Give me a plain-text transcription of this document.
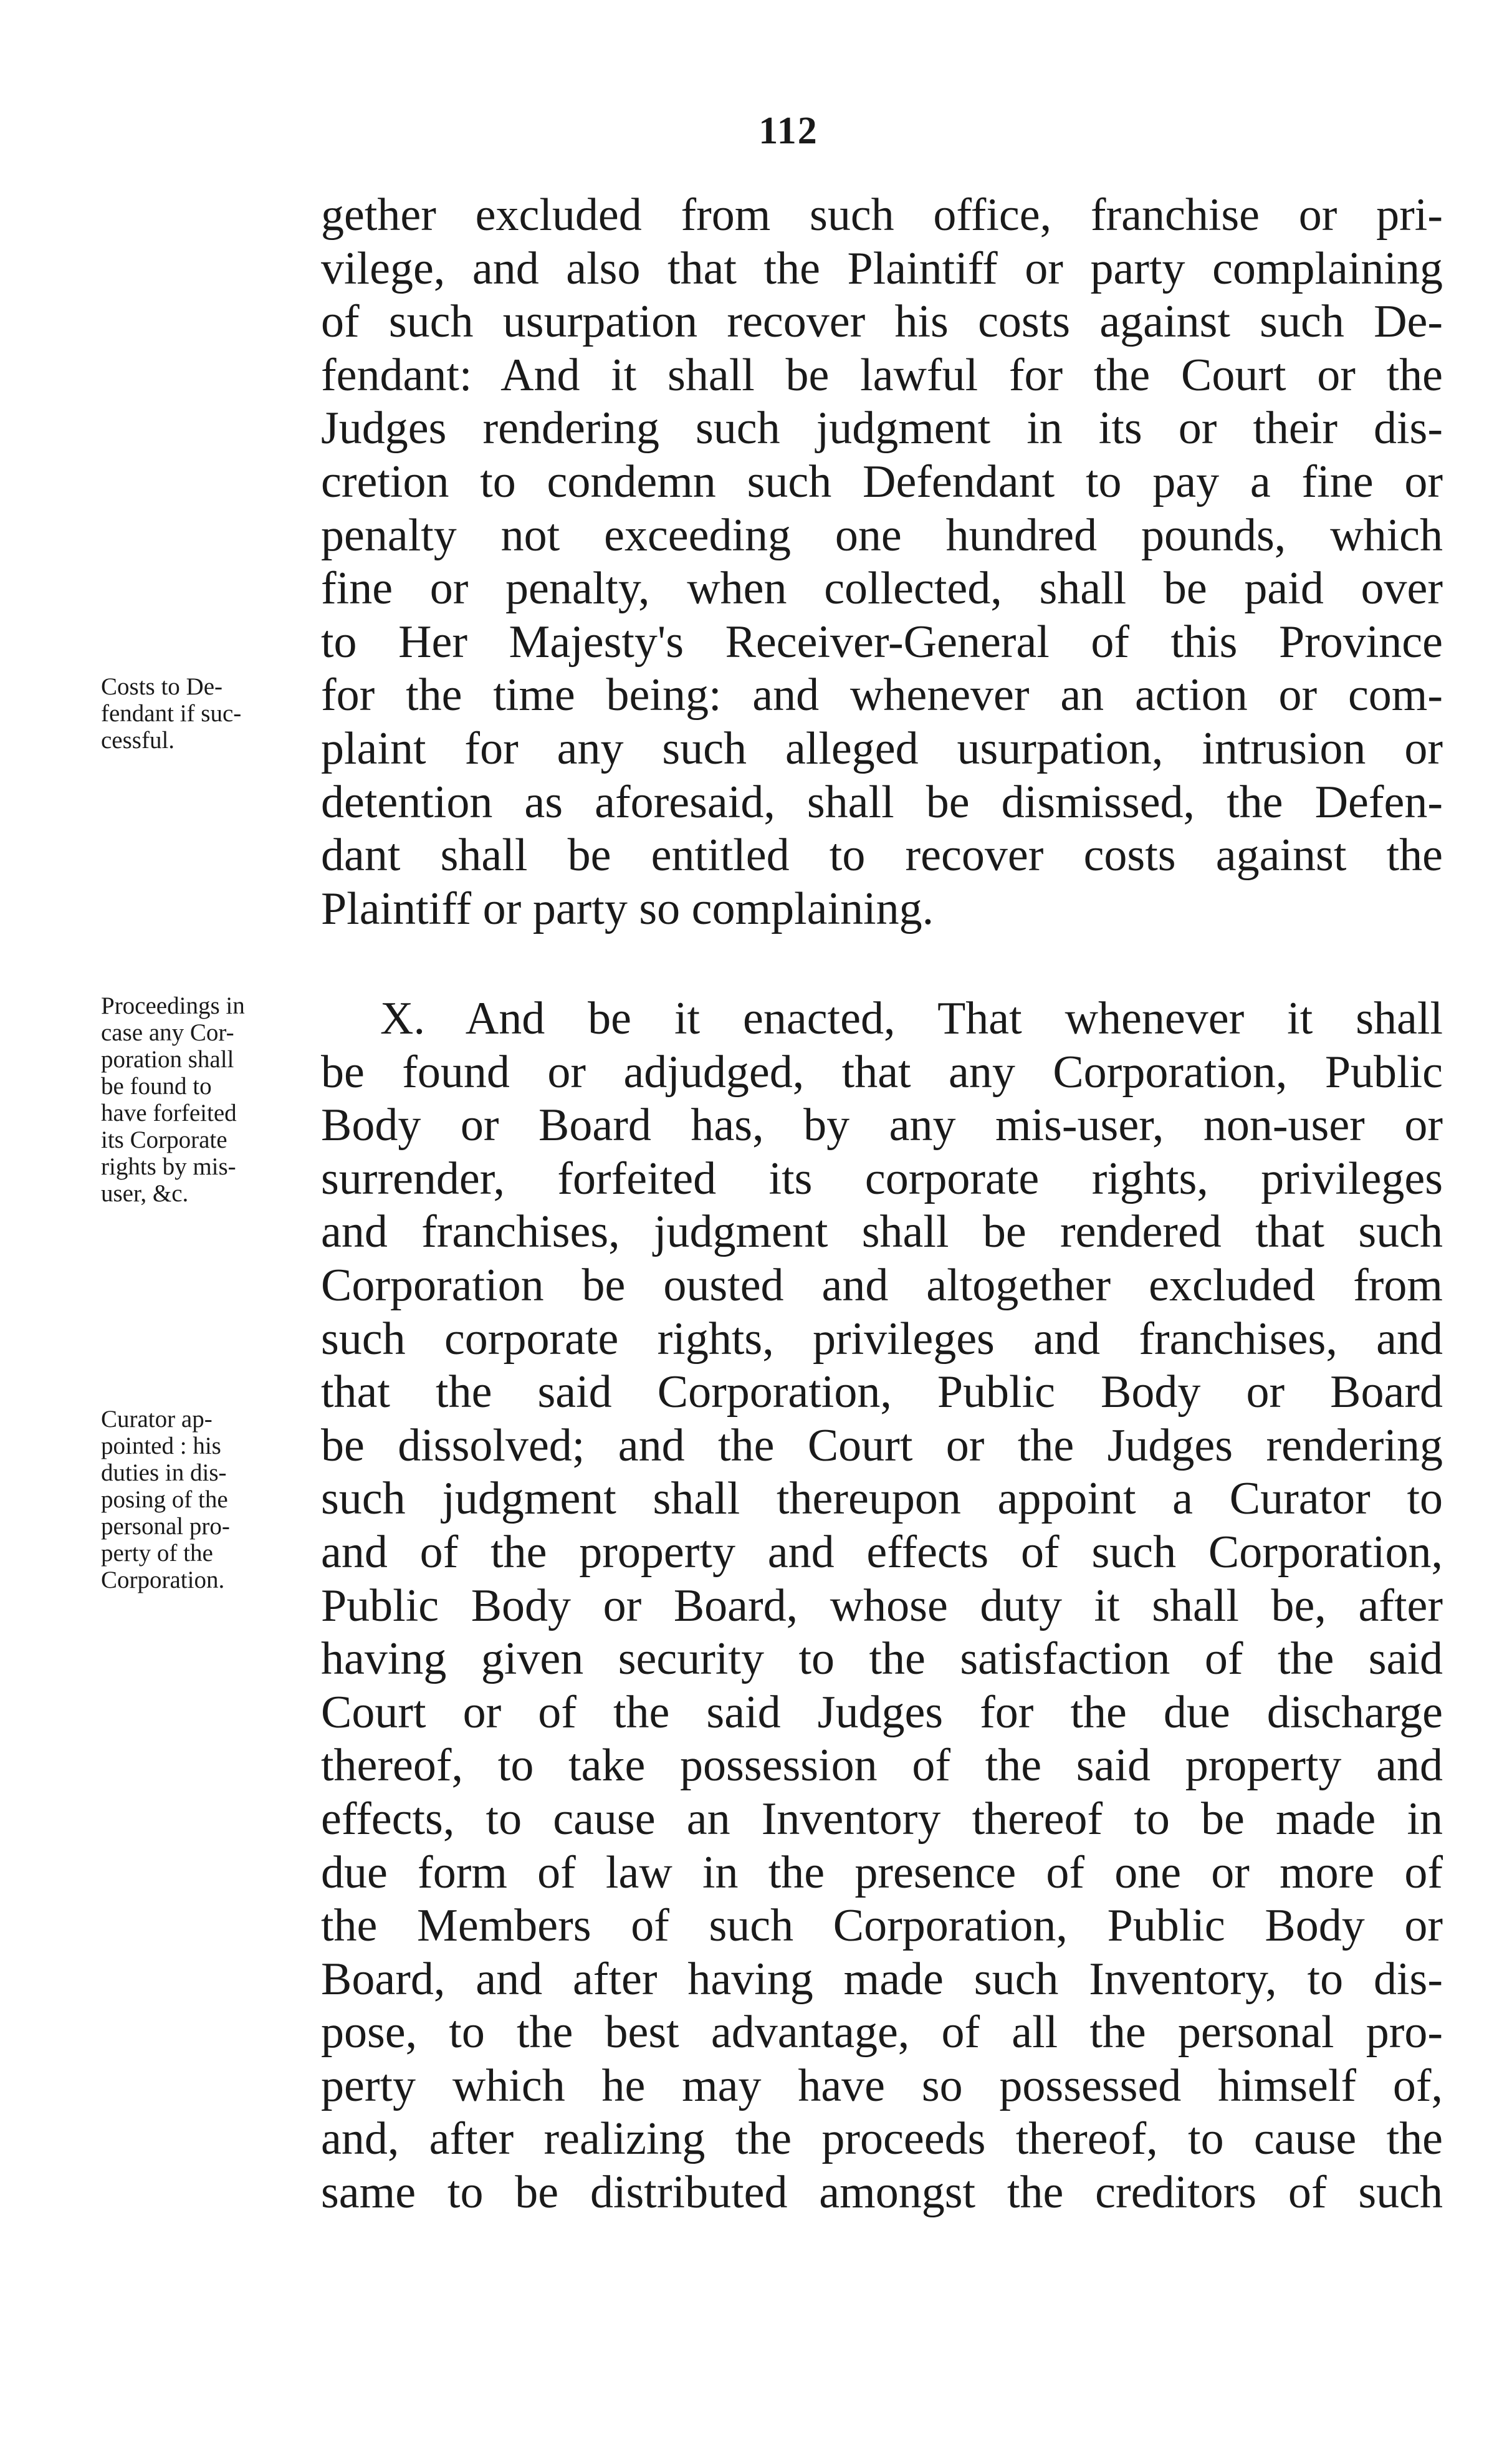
112
Costs to De-
fendant if suc-
cessful.
Proceedings in
case any Cor-
poration shall
be found to
have forfeited
its Corporate
rights by mis-
user, &c.
Curator ap-
pointed : his
duties in dis-
posing of the
personal pro-
perty of the
Corporation.
gether excluded from such office, franchise or pri-
vilege, and also that the Plaintiff or party complaining
of such usurpation recover his costs against such De-
fendant: And it shall be lawful for the Court or the
Judges rendering such judgment in its or their dis-
cretion to condemn such Defendant to pay a fine or
penalty not exceeding one hundred pounds, which
fine or penalty, when collected, shall be paid over
to Her Majesty's Receiver-General of this Province
for the time being: and whenever an action or com-
plaint for any such alleged usurpation, intrusion or
detention as aforesaid, shall be dismissed, the Defen-
dant shall be entitled to recover costs against the
Plaintiff or party so complaining.
X. And be it enacted, That whenever it shall
be found or adjudged, that any Corporation, Public
Body or Board has, by any mis-user, non-user or
surrender, forfeited its corporate rights, privileges
and franchises, judgment shall be rendered that such
Corporation be ousted and altogether excluded from
such corporate rights, privileges and franchises, and
that the said Corporation, Public Body or Board
be dissolved; and the Court or the Judges rendering
such judgment shall thereupon appoint a Curator to
and of the property and effects of such Corporation,
Public Body or Board, whose duty it shall be, after
having given security to the satisfaction of the said
Court or of the said Judges for the due discharge
thereof, to take possession of the said property and
effects, to cause an Inventory thereof to be made in
due form of law in the presence of one or more of
the Members of such Corporation, Public Body or
Board, and after having made such Inventory, to dis-
pose, to the best advantage, of all the personal pro-
perty which he may have so possessed himself of,
and, after realizing the proceeds thereof, to cause the
same to be distributed amongst the creditors of such
